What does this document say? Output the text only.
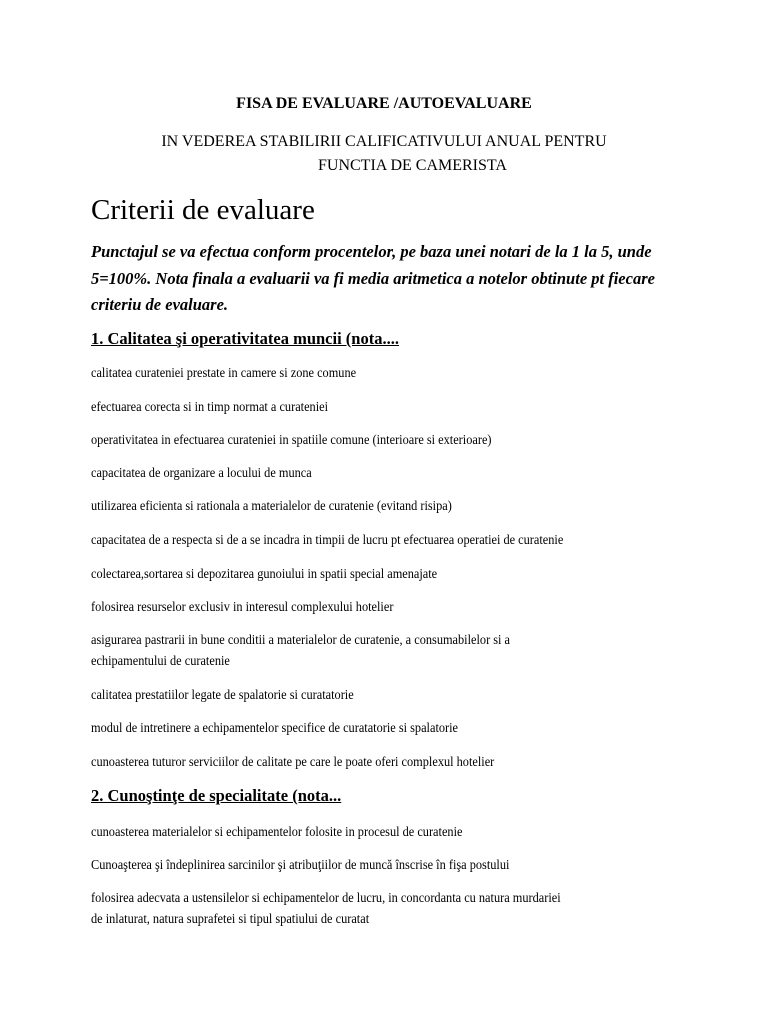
FISA DE EVALUARE /AUTOEVALUARE
IN VEDEREA STABILIRII CALIFICATIVULUI ANUAL PENTRU
FUNCTIA DE CAMERISTA
Criterii de evaluare
Punctajul se va efectua conform procentelor, pe baza unei notari de la 1 la 5, unde 5=100%. Nota finala a evaluarii va fi media aritmetica a notelor obtinute pt fiecare criteriu de evaluare.
1. Calitatea şi operativitatea muncii (nota....
calitatea curateniei prestate in camere si zone comune
efectuarea corecta si in timp normat a curateniei
operativitatea in efectuarea curateniei in spatiile comune (interioare si exterioare)
capacitatea de organizare a locului de munca
utilizarea eficienta si rationala a materialelor de curatenie (evitand risipa)
capacitatea de a respecta si de a se incadra in timpii de lucru pt efectuarea operatiei de curatenie
colectarea,sortarea si depozitarea gunoiului in spatii special amenajate
folosirea resurselor exclusiv in interesul complexului hotelier
asigurarea pastrarii in bune conditii a materialelor de curatenie, a consumabilelor si a
echipamentului de curatenie
calitatea prestatiilor legate de spalatorie si curatatorie
modul de intretinere a echipamentelor specifice de curatatorie si spalatorie
cunoasterea tuturor serviciilor de calitate pe care le poate oferi complexul hotelier
2. Cunoştinţe de specialitate (nota...
cunoasterea materialelor si echipamentelor folosite in procesul de curatenie
Cunoaşterea şi îndeplinirea sarcinilor şi atribuţiilor de muncă înscrise în fişa postului
folosirea adecvata a ustensilelor si echipamentelor de lucru, in concordanta cu natura murdariei
de inlaturat, natura suprafetei si tipul spatiului de curatat
